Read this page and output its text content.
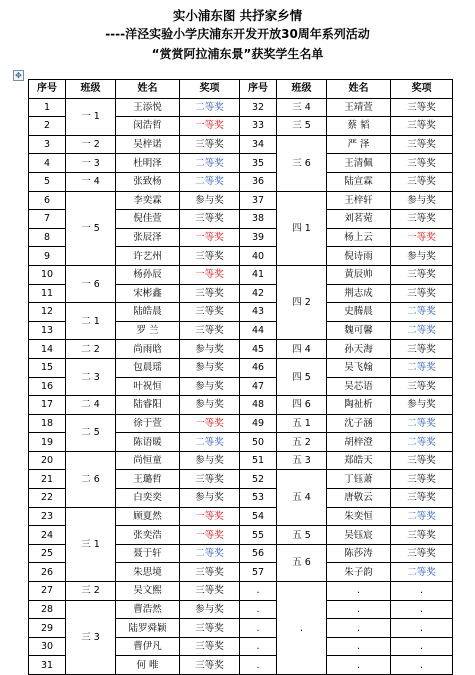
实小浦东图 共抒家乡情
----洋泾实验小学庆浦东开发开放30周年系列活动
“赏赏阿拉浦东景”获奖学生名单
✥
序号	班级	姓名	奖项	序号	班级	姓名	奖项
1	一 1	王添悦	二等奖	32	三 4	王靖萱	三等奖
2		闵浩哲	一等奖	33	三 5	蔡 韬	三等奖
3	一 2	吴梓诺	三等奖	34	三 6	严 泽	三等奖
4	一 3	杜明泽	二等奖	35		王清佩	三等奖
5	一 4	张致杨	二等奖	36		陆宣霖	三等奖
6	一 5	李奕霖	参与奖	37	四 1	王梓轩	参与奖
7		倪佳萱	三等奖	38		刘茗菀	三等奖
8		张辰泽	一等奖	39		杨上云	一等奖
9		许艺州	三等奖	40		倪诗雨	参与奖
10	一 6	杨孙辰	一等奖	41	四 2	黄辰帅	三等奖
11		宋彬鑫	三等奖	42		荆志成	三等奖
12	二 1	陆皓晨	三等奖	43		史腾晨	二等奖
13		罗 兰	三等奖	44		魏可馨	二等奖
14	二 2	尚雨晗	参与奖	45	四 4	孙天海	三等奖
15	二 3	包晨瑶	参与奖	46	四 5	吴飞翰	二等奖
16		叶祝恒	参与奖	47		吴芯语	三等奖
17	二 4	陆睿阳	参与奖	48	四 6	陶祉析	参与奖
18	二 5	徐于萱	一等奖	49	五 1	沈子涵	二等奖
19		陈语暖	二等奖	50	五 2	胡梓澄	二等奖
20	二 6	尚恒童	参与奖	51	五 3	郑皓天	三等奖
21		王璐哲	三等奖	52	五 4	丁钰萧	三等奖
22		白奕奕	参与奖	53		唐敬云	三等奖
23	三 1	顾夏然	一等奖	54		朱奕恒	二等奖
24		张奕浩	一等奖	55	五 5	吴钰宸	三等奖
25		聂于轩	二等奖	56	五 6	陈莎涛	三等奖
26		朱思境	三等奖	57		朱子韵	二等奖
27	三 2	吴文熙	三等奖	.	.	.	.
28	三 3	曹浩然	参与奖	.		.	.
29		陆罗舜颖	三等奖	.		.	.
30		曹伊凡	三等奖	.		.	.
31		何 唯	三等奖	.		.	.
